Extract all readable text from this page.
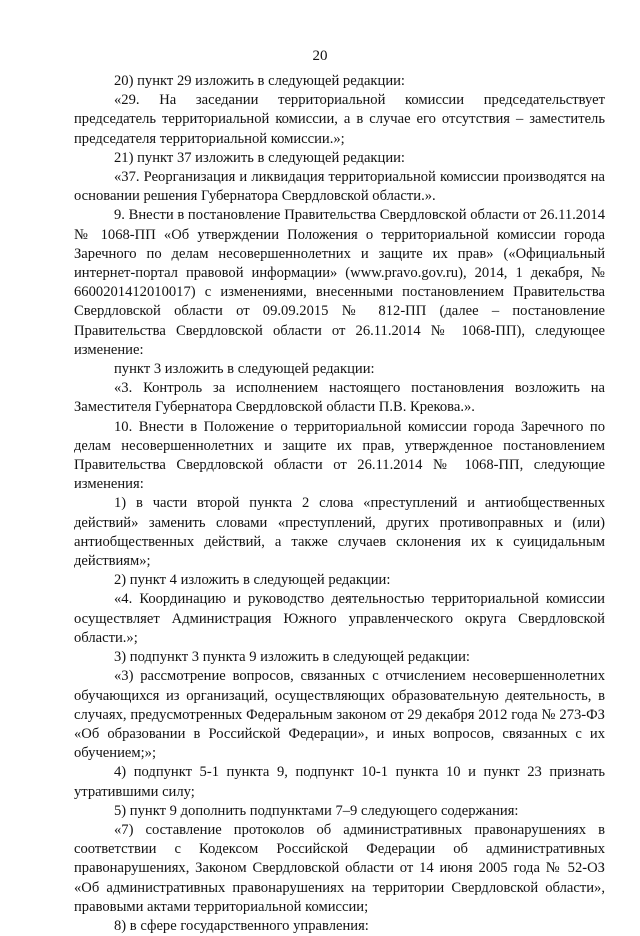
20

20) пункт 29 изложить в следующей редакции:

«29. На заседании территориальной комиссии председательствует председатель территориальной комиссии, а в случае его отсутствия – заместитель председателя территориальной комиссии.»;

21) пункт 37 изложить в следующей редакции:

«37. Реорганизация и ликвидация территориальной комиссии производятся на основании решения Губернатора Свердловской области.».

9. Внести в постановление Правительства Свердловской области от 26.11.2014 № 1068-ПП «Об утверждении Положения о территориальной комиссии города Заречного по делам несовершеннолетних и защите их прав» («Официальный интернет-портал правовой информации» (www.pravo.gov.ru), 2014, 1 декабря, № 6600201412010017) с изменениями, внесенными постановлением Правительства Свердловской области от 09.09.2015 № 812-ПП (далее – постановление Правительства Свердловской области от 26.11.2014 № 1068-ПП), следующее изменение:

пункт 3 изложить в следующей редакции:

«3. Контроль за исполнением настоящего постановления возложить на Заместителя Губернатора Свердловской области П.В. Крекова.».

10. Внести в Положение о территориальной комиссии города Заречного по делам несовершеннолетних и защите их прав, утвержденное постановлением Правительства Свердловской области от 26.11.2014 № 1068-ПП, следующие изменения:

1) в части второй пункта 2 слова «преступлений и антиобщественных действий» заменить словами «преступлений, других противоправных и (или) антиобщественных действий, а также случаев склонения их к суицидальным действиям»;

2) пункт 4 изложить в следующей редакции:

«4. Координацию и руководство деятельностью территориальной комиссии осуществляет Администрация Южного управленческого округа Свердловской области.»;

3) подпункт 3 пункта 9 изложить в следующей редакции:

«3) рассмотрение вопросов, связанных с отчислением несовершеннолетних обучающихся из организаций, осуществляющих образовательную деятельность, в случаях, предусмотренных Федеральным законом от 29 декабря 2012 года № 273-ФЗ «Об образовании в Российской Федерации», и иных вопросов, связанных с их обучением;»;

4) подпункт 5-1 пункта 9, подпункт 10-1 пункта 10 и пункт 23 признать утратившими силу;

5) пункт 9 дополнить подпунктами 7–9 следующего содержания:

«7) составление протоколов об административных правонарушениях в соответствии с Кодексом Российской Федерации об административных правонарушениях, Законом Свердловской области от 14 июня 2005 года № 52-ОЗ «Об административных правонарушениях на территории Свердловской области», правовыми актами территориальной комиссии;

8) в сфере государственного управления:
